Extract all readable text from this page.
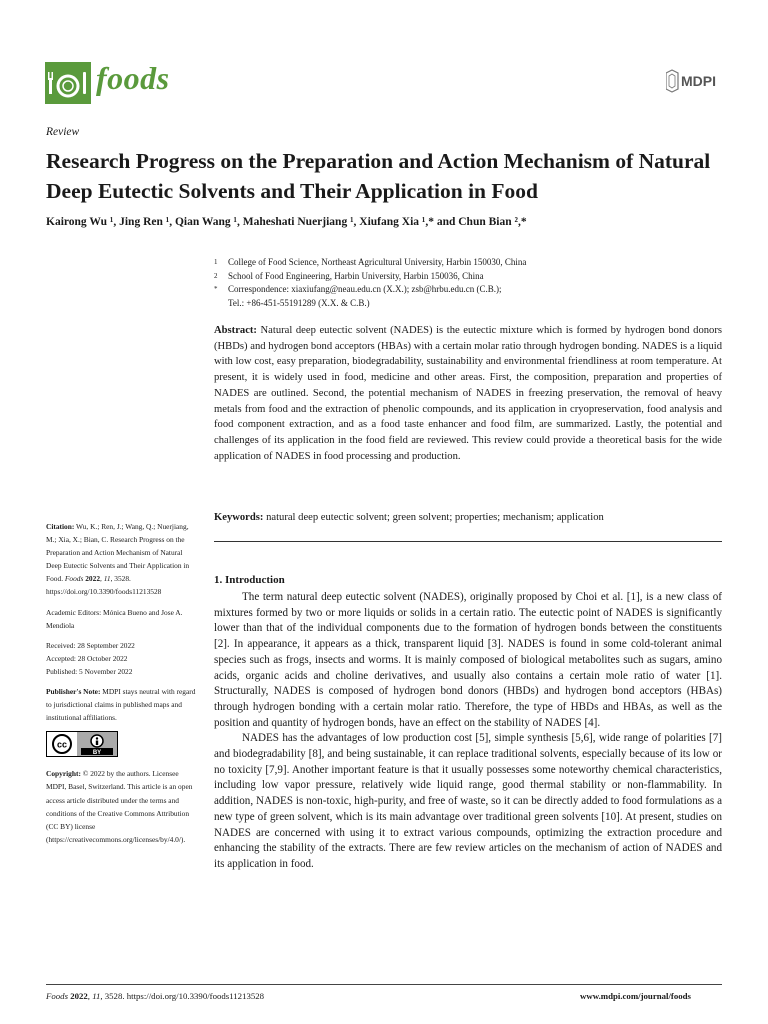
foods	MDPI
Review
Research Progress on the Preparation and Action Mechanism of Natural Deep Eutectic Solvents and Their Application in Food
Kairong Wu ¹, Jing Ren ¹, Qian Wang ¹, Maheshati Nuerjiang ¹, Xiufang Xia ¹,* and Chun Bian ²,*
1	College of Food Science, Northeast Agricultural University, Harbin 150030, China
2	School of Food Engineering, Harbin University, Harbin 150036, China
*	Correspondence: xiaxiufang@neau.edu.cn (X.X.); zsb@hrbu.edu.cn (C.B.);
Tel.: +86-451-55191289 (X.X. & C.B.)
Abstract: Natural deep eutectic solvent (NADES) is the eutectic mixture which is formed by hydrogen bond donors (HBDs) and hydrogen bond acceptors (HBAs) with a certain molar ratio through hydrogen bonding. NADES is a liquid with low cost, easy preparation, biodegradability, sustainability and environmental friendliness at room temperature. At present, it is widely used in food, medicine and other areas. First, the composition, preparation and properties of NADES are outlined. Second, the potential mechanism of NADES in freezing preservation, the removal of heavy metals from food and the extraction of phenolic compounds, and its application in cryopreservation, food analysis and food component extraction, and as a food taste enhancer and food film, are summarized. Lastly, the potential and challenges of its application in the food field are reviewed. This review could provide a theoretical basis for the wide application of NADES in food processing and production.
Keywords: natural deep eutectic solvent; green solvent; properties; mechanism; application

Citation: Wu, K.; Ren, J.; Wang, Q.; Nuerjiang, M.; Xia, X.; Bian, C. Research Progress on the Preparation and Action Mechanism of Natural Deep Eutectic Solvents and Their Application in Food. Foods 2022, 11, 3528. https://doi.org/10.3390/foods11213528

Academic Editors: Mónica Bueno and Jose A. Mendiola

Received: 28 September 2022

Accepted: 28 October 2022

Published: 5 November 2022

Publisher's Note: MDPI stays neutral with regard to jurisdictional claims in published maps and institutional affiliations.

cc
BY

Copyright: © 2022 by the authors. Licensee MDPI, Basel, Switzerland. This article is an open access article distributed under the terms and conditions of the Creative Commons Attribution (CC BY) license (https://creativecommons.org/licenses/by/4.0/).

1. Introduction

The term natural deep eutectic solvent (NADES), originally proposed by Choi et al. [1], is a new class of mixtures formed by two or more liquids or solids in a certain ratio. The eutectic point of NADES is significantly lower than that of the individual components due to the formation of hydrogen bonds between the constituents [2]. In appearance, it appears as a thick, transparent liquid [3]. NADES is found in some cold-tolerant animal species such as frogs, insects and worms. It is mainly composed of biological metabolites such as sugars, amino acids, organic acids and choline derivatives, and usually also contains a certain mole ratio of water [1]. Structurally, NADES is composed of hydrogen bond donors (HBDs) and hydrogen bond acceptors (HBAs) through hydrogen bonding with a certain molar ratio. Therefore, the type of HBDs and HBAs, as well as the position and quantity of hydrogen bonds, have an effect on the stability of NADES [4].

NADES has the advantages of low production cost [5], simple synthesis [5,6], wide range of polarities [7] and biodegradability [8], and being sustainable, it can replace traditional solvents, especially because of its low or no toxicity [7,9]. Another important feature is that it usually possesses some noteworthy chemical characteristics, including low vapor pressure, relatively wide liquid range, good thermal stability or non-flammability. In addition, NADES is non-toxic, high-purity, and free of waste, so it can be directly added to food formulations as a new type of green solvent, which is its main advantage over traditional green solvents [10]. At present, studies on NADES are concerned with using it to extract various compounds, optimizing the extraction procedure and enhancing the stability of the extracts. There are few review articles on the mechanism of action of NADES and its application in food.

Foods 2022, 11, 3528. https://doi.org/10.3390/foods11213528	www.mdpi.com/journal/foods
